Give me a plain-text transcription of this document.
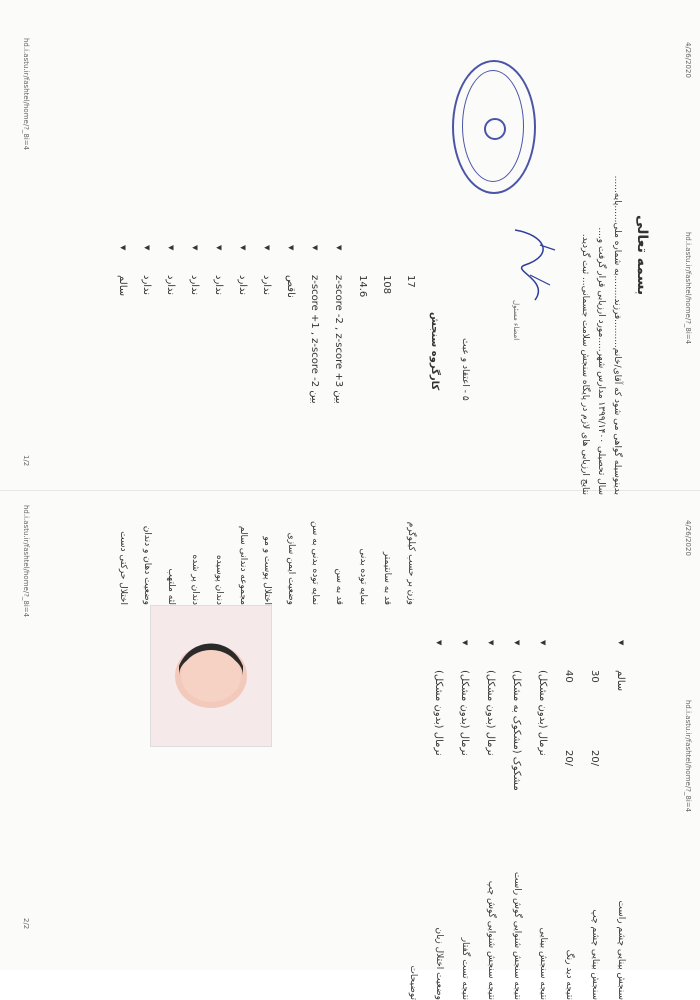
4/26/2020
hd.i.astu.ir/fashtel/home/?_8i=4
4/26/2020
hd.i.astu.ir/fashtel/home/?_8i=4
hd.i.astu.ir/fashtel/home/?_8i=4
1/2
hd.i.astu.ir/fashtel/home/?_8i=4
2/2
بسمه تعالی
بدینوسیله گواهی می شود که آقای/خانم..........فرزند........به شماره ملی......پایه......
سال تحصیلی ۱۳۹۹/۱۴۰۰ مدارس شهر.....مورد ارزیابی قرار گرفت و....
نتایج ارزیابی های لازم در پایگاه سنجش سلامت جسمانی... ثبت گردید.
امضاء مسئول
کارگروه سنجش ۵ - اعتقاد و عبث
وزن بر حسب کیلوگرم
17
قد به سانتیمتر
108
نمایه توده بدنی
14.6
▼
قد به سن
z-score -2 , z-score +3 بین
▼
نمایه توده بدنی به سن
z-score +1 , z-score -2 بین
▼
وضعیت ایمن سازی
ناقص
▼
اختلال پوست و مو
ندارد
▼
مجموعه دندانی سالم
ندارد
▼
دندان پوسیده
ندارد
▼
دندان پر شده
ندارد
▼
لثه ملتهب
ندارد
▼
وضعیت دهان و دندان
ندارد
▼
اختلال حرکتی دست
سالم
▼
سنجش بینایی چشم راست
سالم
سنجش بینایی چشم چپ
30
20/
نتیجه دید رنگ
40
20/
▼
نتیجه سنجش بینایی
نرمال (بدون مشکل)
▼
نتیجه سنجش شنوایی گوش راست
مشکوک (مشکوک به مشکل)
▼
نتیجه سنجش شنوایی گوش چپ
نرمال (بدون مشکل)
▼
نتیجه تست گفتار
نرمال (بدون مشکل)
▼
وضعیت اختلال زبان
نرمال (بدون مشکل)
توضیحات
